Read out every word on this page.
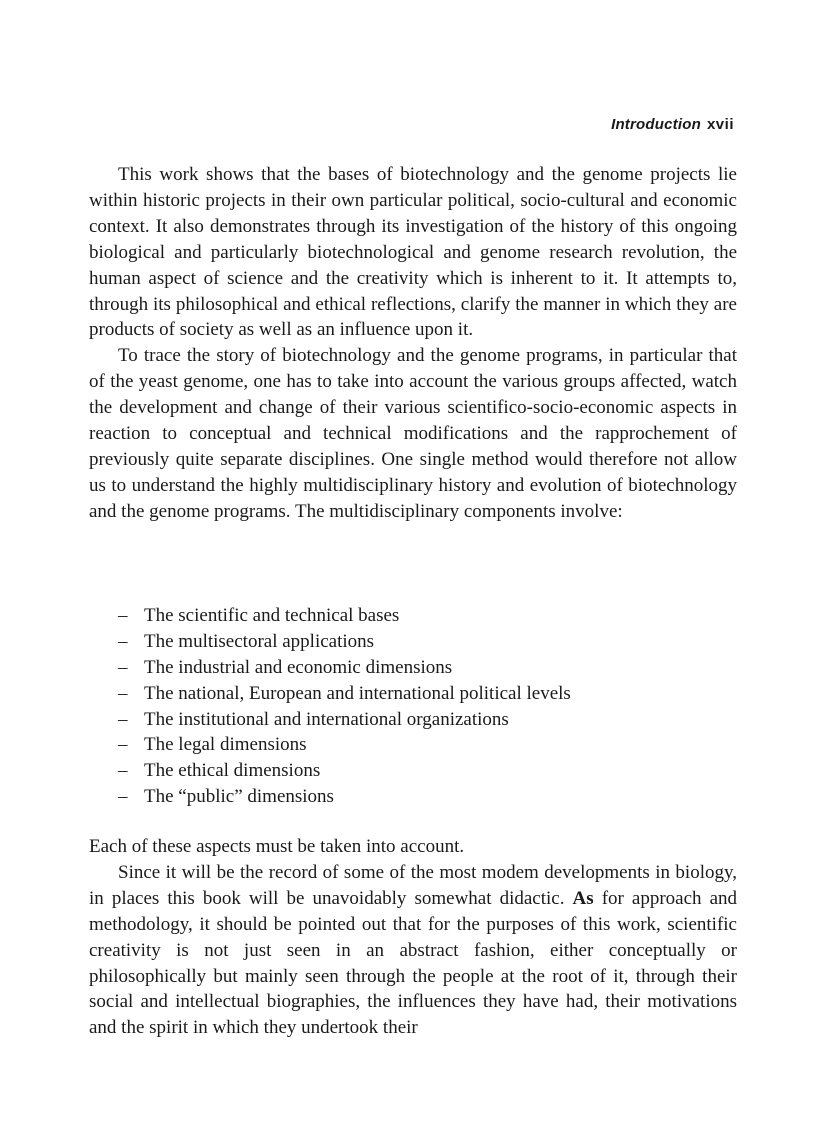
Introduction xvii

This work shows that the bases of biotechnology and the genome projects lie within historic projects in their own particular political, socio-cultural and economic context. It also demonstrates through its investigation of the history of this ongoing biological and particularly biotechnological and genome research revolution, the human aspect of science and the creativity which is inherent to it. It attempts to, through its philosophical and ethical reflections, clarify the manner in which they are products of society as well as an influence upon it.

To trace the story of biotechnology and the genome programs, in particular that of the yeast genome, one has to take into account the various groups affected, watch the development and change of their various scientifico-socio-economic aspects in reaction to conceptual and technical modifications and the rapprochement of previously quite separate disciplines. One single method would therefore not allow us to understand the highly multidisciplinary history and evolution of biotechnology and the genome programs. The multidisciplinary components involve:

– The scientific and technical bases
– The multisectoral applications
– The industrial and economic dimensions
– The national, European and international political levels
– The institutional and international organizations
– The legal dimensions
– The ethical dimensions
– The “public” dimensions

Each of these aspects must be taken into account.

Since it will be the record of some of the most modem developments in biology, in places this book will be unavoidably somewhat didactic. As for approach and methodology, it should be pointed out that for the purposes of this work, scientific creativity is not just seen in an abstract fashion, either conceptually or philosophically but mainly seen through the people at the root of it, through their social and intellectual biographies, the influences they have had, their motivations and the spirit in which they undertook their
